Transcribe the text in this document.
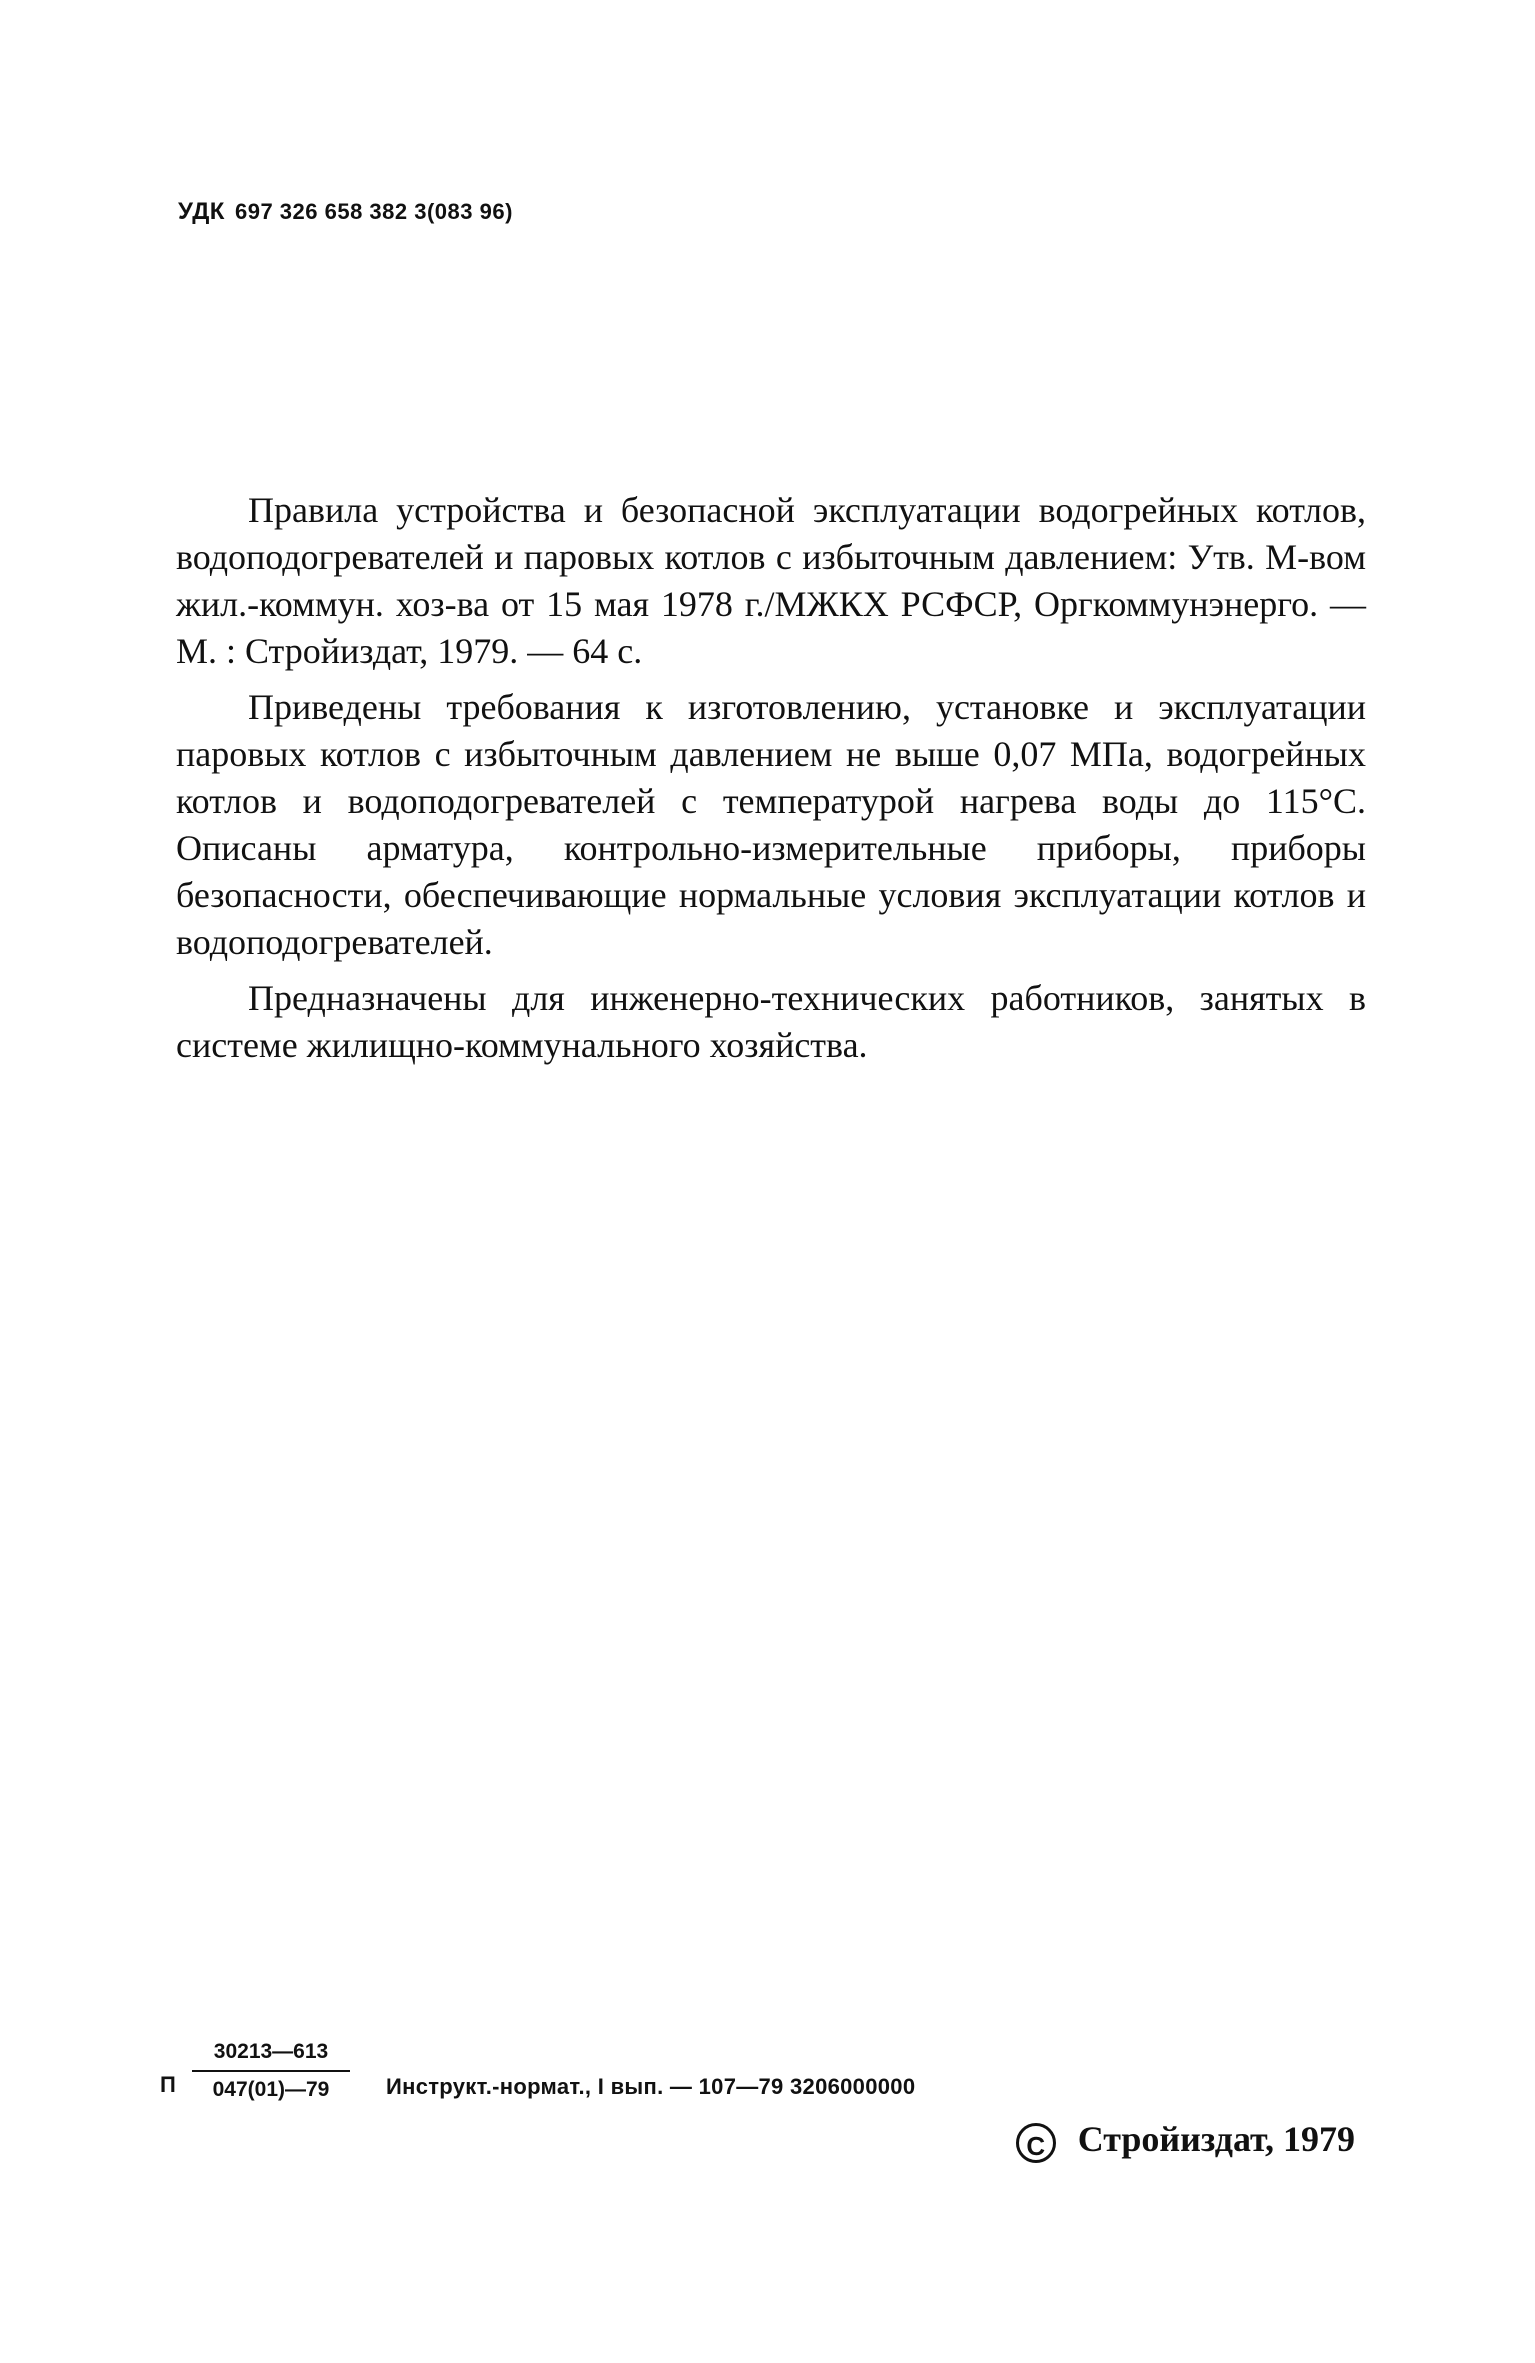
УДК 697 326 658 382 3(083 96)

Правила устройства и безопасной эксплуатации водогрейных котлов, водоподогревателей и паровых котлов с избыточным давлением: Утв. М-вом жил.-коммун. хоз-ва от 15 мая 1978 г./МЖКХ РСФСР, Оргкоммунэнерго. — М. : Стройиздат, 1979. — 64 с.

Приведены требования к изготовлению, установке и эксплуатации паровых котлов с избыточным давлением не выше 0,07 МПа, водогрейных котлов и водоподогревателей с температурой нагрева воды до 115°С. Описаны арматура, контрольно-измерительные приборы, приборы безопасности, обеспечивающие нормальные условия эксплуатации котлов и водоподогревателей.

Предназначены для инженерно-технических работников, занятых в системе жилищно-коммунального хозяйства.

П
30213—613
047(01)—79	Инструкт.-нормат., I вып. — 107—79 3206000000
C Стройиздат, 1979
